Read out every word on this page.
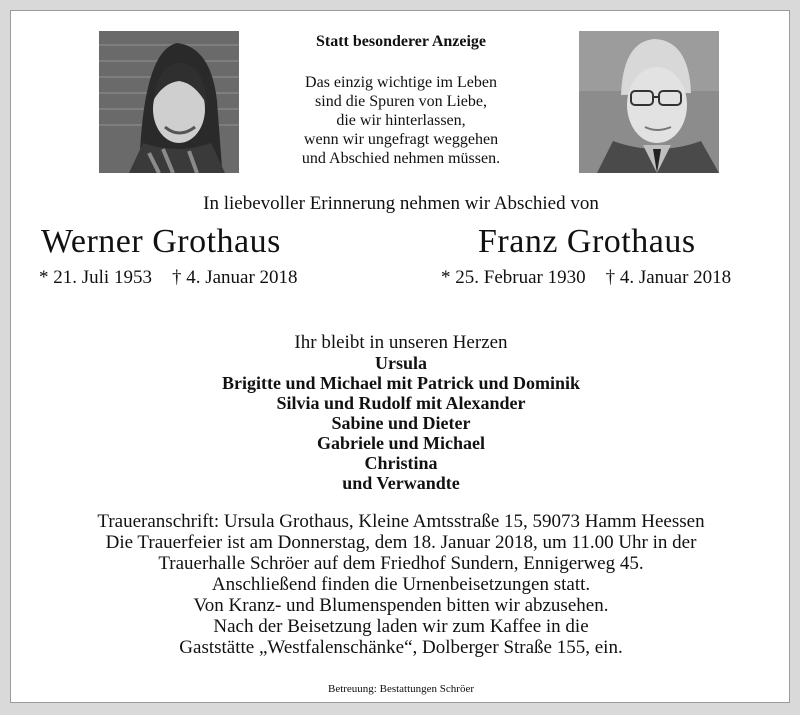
Statt besonderer Anzeige
Das einzig wichtige im Leben
sind die Spuren von Liebe,
die wir hinterlassen,
wenn wir ungefragt weggehen
und Abschied nehmen müssen.
In liebevoller Erinnerung nehmen wir Abschied von
Werner Grothaus	Franz Grothaus
* 21. Juli 1953 † 4. Januar 2018	* 25. Februar 1930 † 4. Januar 2018
Ihr bleibt in unseren Herzen
Ursula
Brigitte und Michael mit Patrick und Dominik
Silvia und Rudolf mit Alexander
Sabine und Dieter
Gabriele und Michael
Christina
und Verwandte
Traueranschrift: Ursula Grothaus, Kleine Amtsstraße 15, 59073 Hamm Heessen
Die Trauerfeier ist am Donnerstag, dem 18. Januar 2018, um 11.00 Uhr in der
Trauerhalle Schröer auf dem Friedhof Sundern, Ennigerweg 45.
Anschließend finden die Urnenbeisetzungen statt.
Von Kranz- und Blumenspenden bitten wir abzusehen.
Nach der Beisetzung laden wir zum Kaffee in die
Gaststätte „Westfalenschänke“, Dolberger Straße 155, ein.
Betreuung: Bestattungen Schröer
